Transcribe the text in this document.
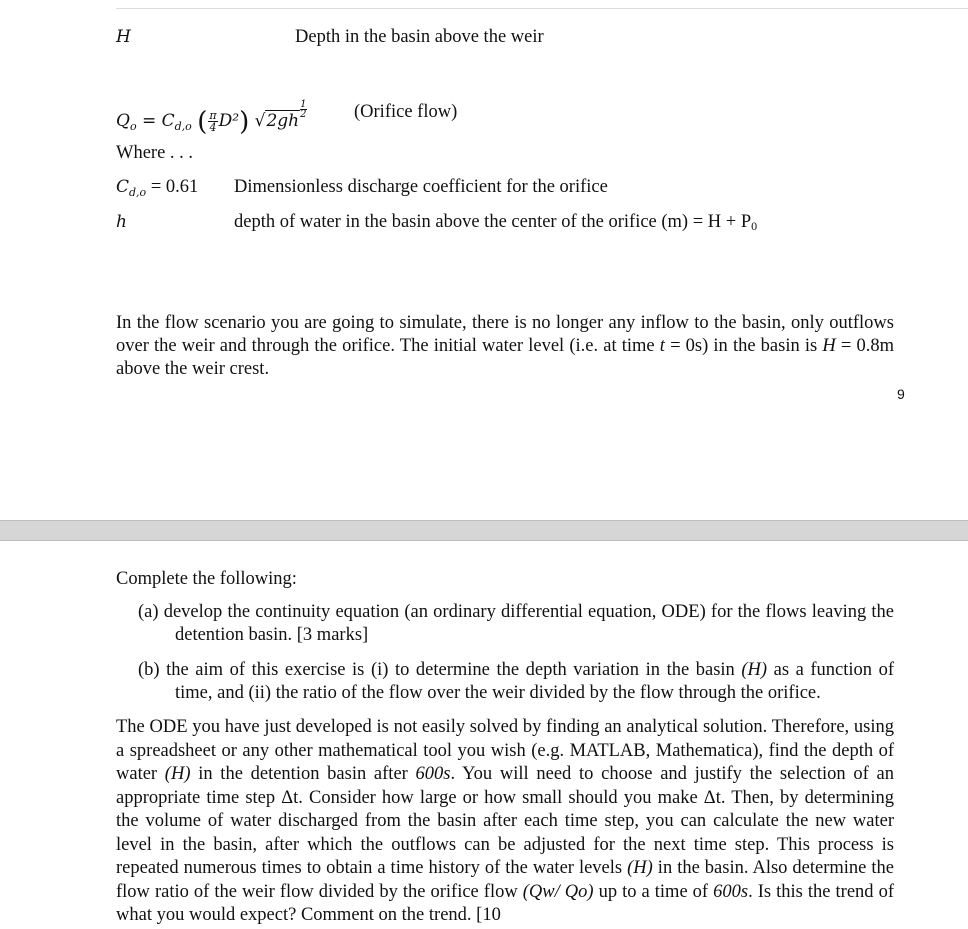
H	Depth in the basin above the weir
$Q_o = C_{d,o}$ ( $\frac{\pi}{4} D^2$) √2gh
$\frac{1}{2}$	(Orifice flow)
Where . . .
$C_{d,o} = 0.61$ Dimensionless discharge coefficient for the orifice
h	depth of water in the basin above the center of the orifice (m) = H + P0
In the flow scenario you are going to simulate, there is no longer any inflow to the basin, only outflows over the weir and through the orifice. The initial water level (i.e. at time t = 0s) in the basin is H = 0.8m above the weir crest.
9
Complete the following:
(a) develop the continuity equation (an ordinary differential equation, ODE) for the flows leaving the detention basin. [3 marks]
(b) the aim of this exercise is (i) to determine the depth variation in the basin (H) as a function of time, and (ii) the ratio of the flow over the weir divided by the flow through the orifice.
The ODE you have just developed is not easily solved by finding an analytical solution. Therefore, using a spreadsheet or any other mathematical tool you wish (e.g. MATLAB, Mathematica), find the depth of water (H) in the detention basin after 600s. You will need to choose and justify the selection of an appropriate time step Δt. Consider how large or how small should you make Δt. Then, by determining the volume of water discharged from the basin after each time step, you can calculate the new water level in the basin, after which the outflows can be adjusted for the next time step. This process is repeated numerous times to obtain a time history of the water levels (H) in the basin. Also determine the flow ratio of the weir flow divided by the orifice flow (Qw/ Qo) up to a time of 600s. Is this the trend of what you would expect? Comment on the trend. [10
